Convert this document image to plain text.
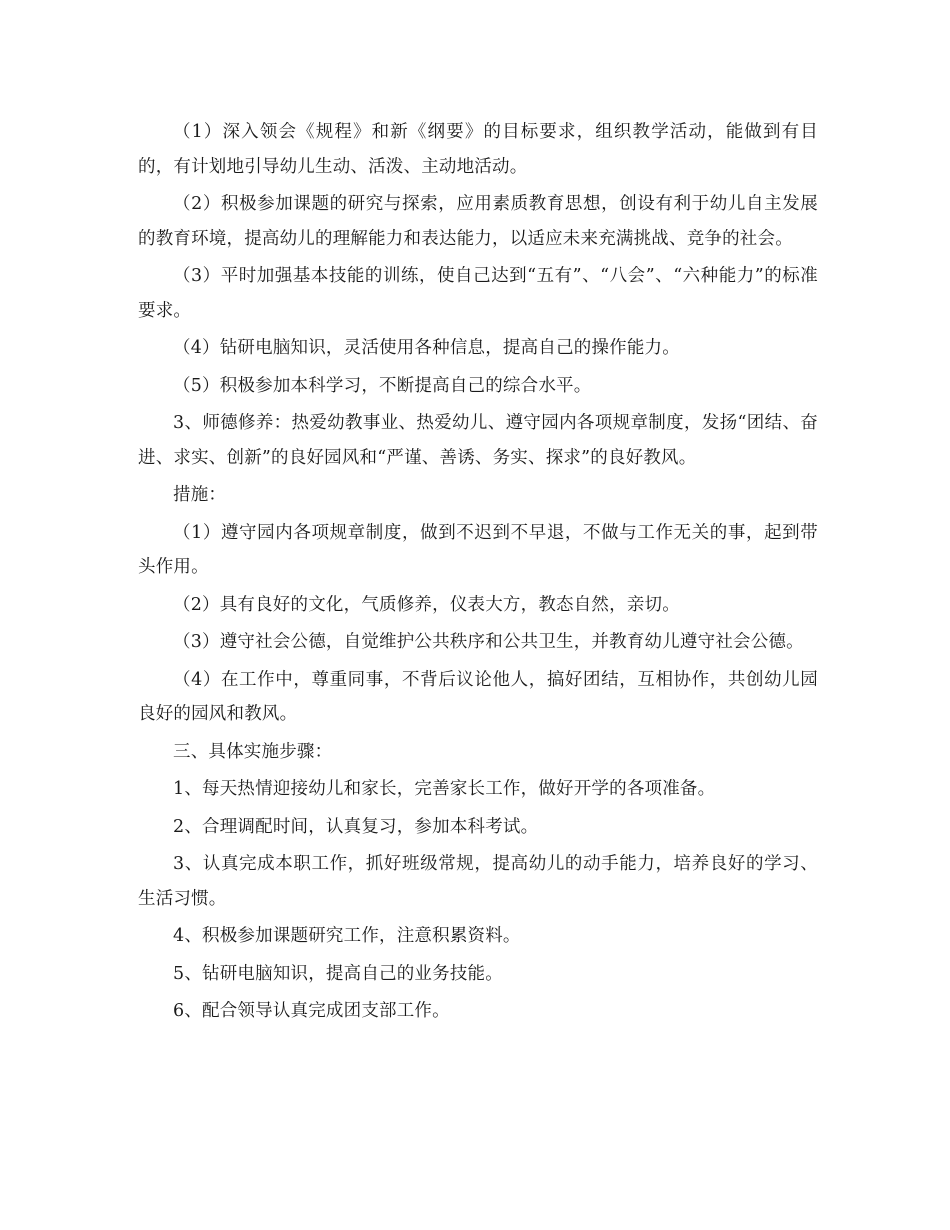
（1）深入领会《规程》和新《纲要》的目标要求，组织教学活动，能做到有目的，有计划地引导幼儿生动、活泼、主动地活动。

（2）积极参加课题的研究与探索，应用素质教育思想，创设有利于幼儿自主发展的教育环境，提高幼儿的理解能力和表达能力，以适应未来充满挑战、竞争的社会。

（3）平时加强基本技能的训练，使自己达到“五有”、“八会”、“六种能力”的标准要求。

（4）钻研电脑知识，灵活使用各种信息，提高自己的操作能力。

（5）积极参加本科学习，不断提高自己的综合水平。

3、师德修养：热爱幼教事业、热爱幼儿、遵守园内各项规章制度，发扬“团结、奋进、求实、创新”的良好园风和“严谨、善诱、务实、探求”的良好教风。

措施：

（1）遵守园内各项规章制度，做到不迟到不早退，不做与工作无关的事，起到带头作用。

（2）具有良好的文化，气质修养，仪表大方，教态自然，亲切。

（3）遵守社会公德，自觉维护公共秩序和公共卫生，并教育幼儿遵守社会公德。

（4）在工作中，尊重同事，不背后议论他人，搞好团结，互相协作，共创幼儿园良好的园风和教风。

三、具体实施步骤：

1、每天热情迎接幼儿和家长，完善家长工作，做好开学的各项准备。

2、合理调配时间，认真复习，参加本科考试。

3、认真完成本职工作，抓好班级常规，提高幼儿的动手能力，培养良好的学习、生活习惯。

4、积极参加课题研究工作，注意积累资料。

5、钻研电脑知识，提高自己的业务技能。

6、配合领导认真完成团支部工作。
